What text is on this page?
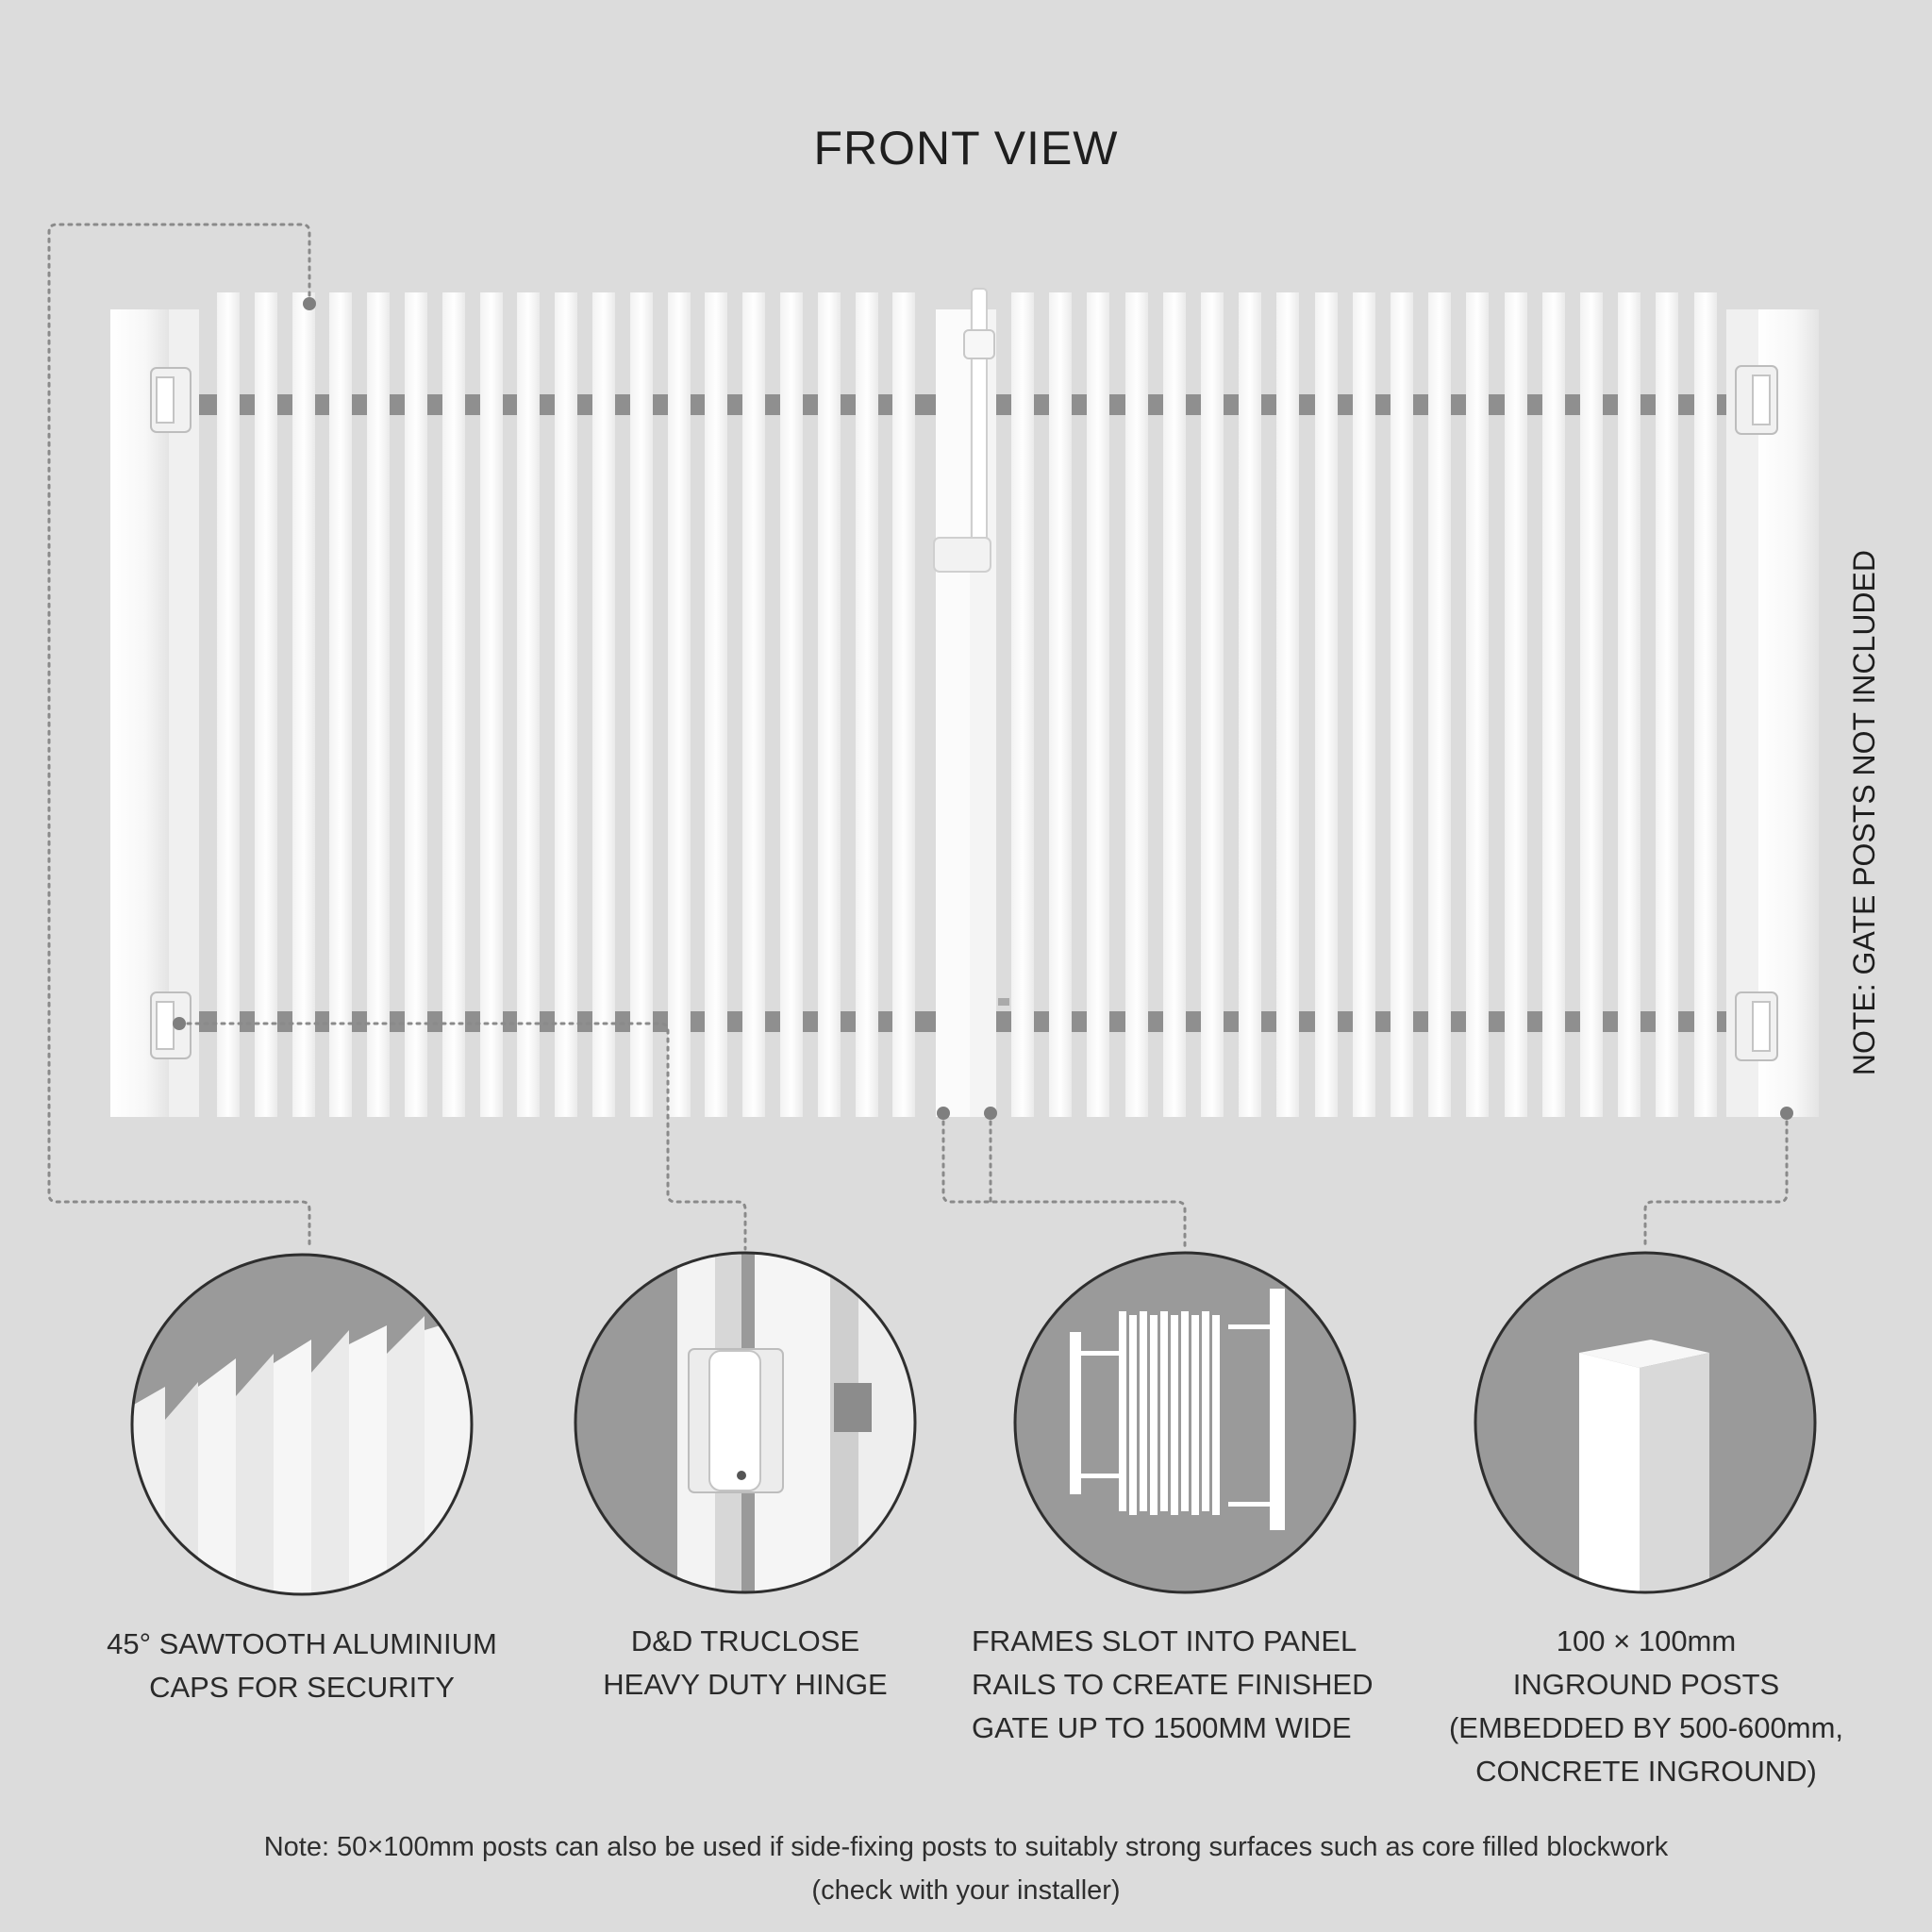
FRONT VIEW
NOTE: GATE POSTS NOT INCLUDED
45° SAWTOOTH ALUMINIUM
CAPS FOR SECURITY
D&D TRUCLOSE
HEAVY DUTY HINGE
FRAMES SLOT INTO PANEL
RAILS TO CREATE FINISHED
GATE UP TO 1500MM WIDE
100 × 100mm
INGROUND POSTS
(EMBEDDED BY 500-600mm,
CONCRETE INGROUND)
Note: 50×100mm posts can also be used if side-fixing posts to suitably strong surfaces such as core filled blockwork
(check with your installer)
